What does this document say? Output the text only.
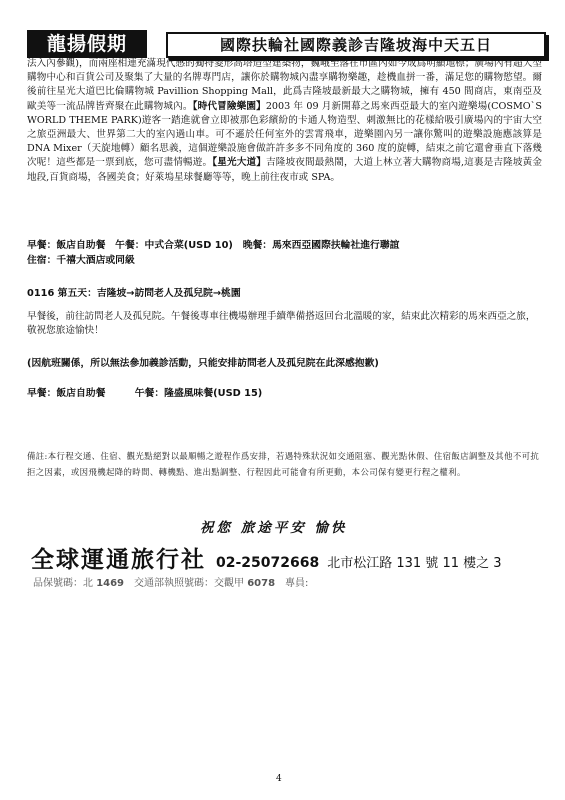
龍揚假期	國際扶輪社國際義診吉隆坡海中天五日
法入內參觀)，而兩座相連充滿現代感的獨特菱形高塔造型建築物，巍峨至落在市區內如今成爲明顯地標；廣場內有超大型購物中心和百貨公司及聚集了大量的名牌專門店，讓你於購物城內盡享購物樂趣，趁機血拼一番，滿足您的購物慾望。爾後前往星光大道巴比倫購物城 Pavillion Shopping Mall，此爲吉隆坡最新最大之購物城，擁有 450 間商店，東南亞及歐美等一流品牌皆齊聚在此購物城內。【時代冒險樂園】2003 年 09 月新開幕之馬來西亞最大的室內遊樂場(COSMO`S WORLD THEME PARK)遊客一踏進就會立即被那色彩繽紛的卡通人物造型、刺激無比的花樣給吸引廣場內的宇宙大空之旅亞洲最大、世界第二大的室內過山車。可不遜於任何室外的雲霄飛車，遊樂園內另一讓你驚叫的遊樂設施應該算是 DNA Mixer（天旋地轉）顧名思義，這個遊樂設施會做許許多多不同角度的 360 度的旋轉，結束之前它還會垂直下落幾次呢！這些都是一票到底，您可盡情暢遊。【星光大道】吉隆坡夜間最熱鬧，大道上林立著大購物商場,這裏是吉隆坡黃金地段,百貨商場，各國美食；好萊塢星球餐廳等等，晚上前往夜市或 SPA。
早餐：飯店自助餐　午餐：中式合菜(USD 10)　晚餐：馬來西亞國際扶輪社進行聯誼
住宿：千禧大酒店或同級
0116 第五天：吉隆坡→訪問老人及孤兒院→桃園
早餐後，前往訪問老人及孤兒院。午餐後專車往機場辦理手續準備搭返回台北溫暖的家，結束此次精彩的馬來西亞之旅，敬祝您旅途愉快！
(因航班關係，所以無法參加義診活動，只能安排訪問老人及孤兒院在此深感抱歉)
早餐：飯店自助餐　　　午餐：隆盛風味餐(USD 15)
備註:本行程交通、住宿、觀光點絕對以最順暢之遊程作爲安排，若遇特殊狀況如交通阻塞、觀光點休假、住宿飯店調整及其他不可抗拒之因素，或因飛機起降的時間、轉機點、進出點調整、行程因此可能會有所更動，本公司保有變更行程之權利。
祝您 旅途平安 愉快
全球運通旅行社 02-25072668 北市松江路 131 號 11 樓之 3
品保號碼：北 1469　交通部執照號碼：交觀甲 6078　專員:
4
